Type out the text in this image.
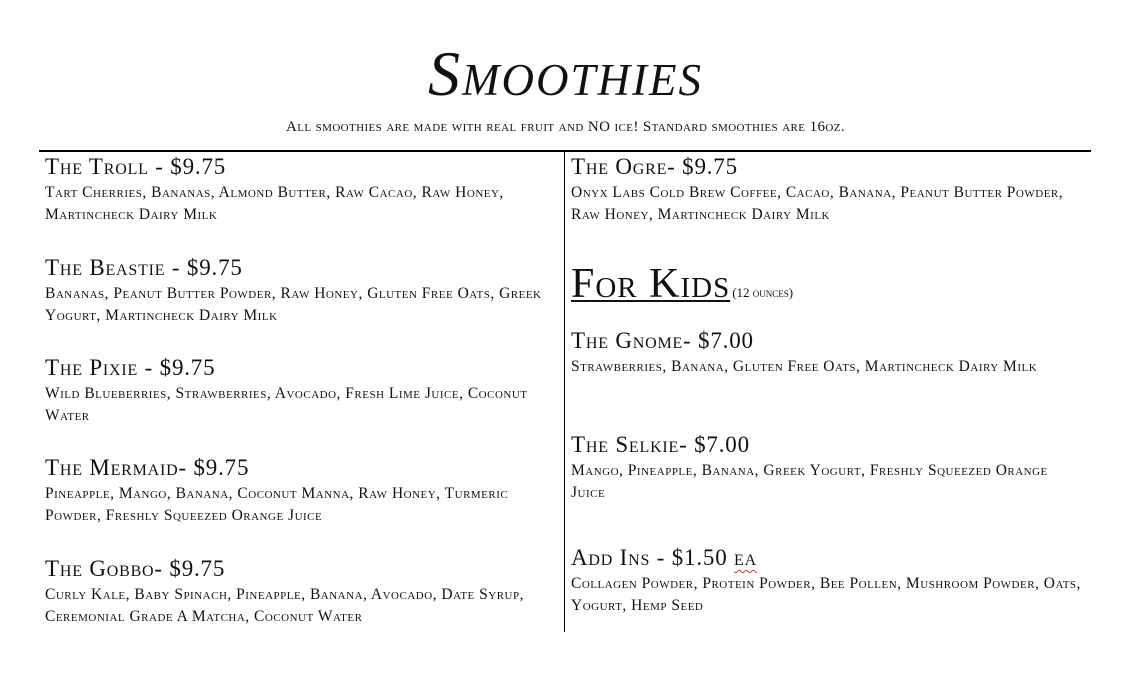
Smoothies
All smoothies are made with real fruit and NO ice! Standard smoothies are 16oz.
The Troll - $9.75
Tart Cherries, Bananas, Almond Butter, Raw Cacao, Raw Honey, Martincheck Dairy Milk
The Beastie - $9.75
Bananas, Peanut Butter Powder, Raw Honey, Gluten Free Oats, Greek Yogurt, Martincheck Dairy Milk
The Pixie - $9.75
Wild Blueberries, Strawberries, Avocado, Fresh Lime Juice, Coconut Water
The Mermaid- $9.75
Pineapple, Mango, Banana, Coconut Manna, Raw Honey, Turmeric Powder, Freshly Squeezed Orange Juice
The Gobbo- $9.75
Curly Kale, Baby Spinach, Pineapple, Banana, Avocado, Date Syrup, Ceremonial Grade A Matcha, Coconut Water
The Ogre- $9.75
Onyx Labs Cold Brew Coffee, Cacao, Banana, Peanut Butter Powder, Raw Honey, Martincheck Dairy Milk
For Kids (12 ounces)
The Gnome- $7.00
Strawberries, Banana, Gluten Free Oats, Martincheck Dairy Milk
The Selkie- $7.00
Mango, Pineapple, Banana, Greek Yogurt, Freshly Squeezed Orange Juice
Add Ins - $1.50 ea
Collagen Powder, Protein Powder, Bee Pollen, Mushroom Powder, Oats, Yogurt, Hemp Seed
